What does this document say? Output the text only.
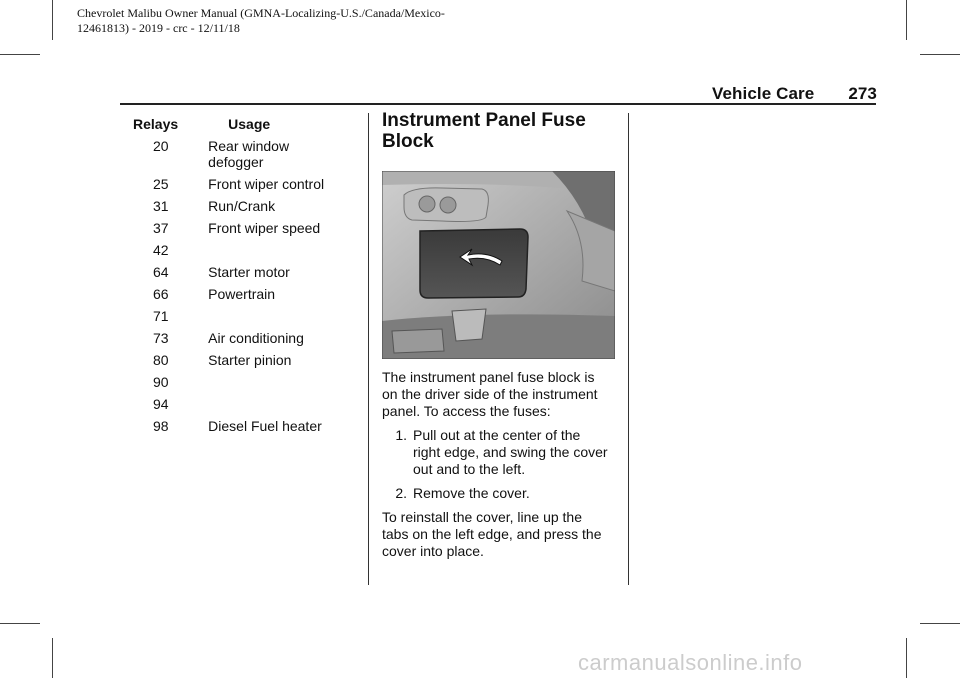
Chevrolet Malibu Owner Manual (GMNA-Localizing-U.S./Canada/Mexico-
12461813) - 2019 - crc - 12/11/18
Vehicle Care 273
Relays	Usage
20	Rear window
defogger

25	Front wiper control

31	Run/Crank

37	Front wiper speed

42	

64	Starter motor

66	Powertrain

71	

73	Air conditioning

80	Starter pinion

90	

94	

98	Diesel Fuel heater
Instrument Panel Fuse
Block

The instrument panel fuse block is
on the driver side of the instrument
panel. To access the fuses:

1. Pull out at the center of the
right edge, and swing the cover
out and to the left.
2. Remove the cover.

To reinstall the cover, line up the
tabs on the left edge, and press the
cover into place.

carmanualsonline.info
